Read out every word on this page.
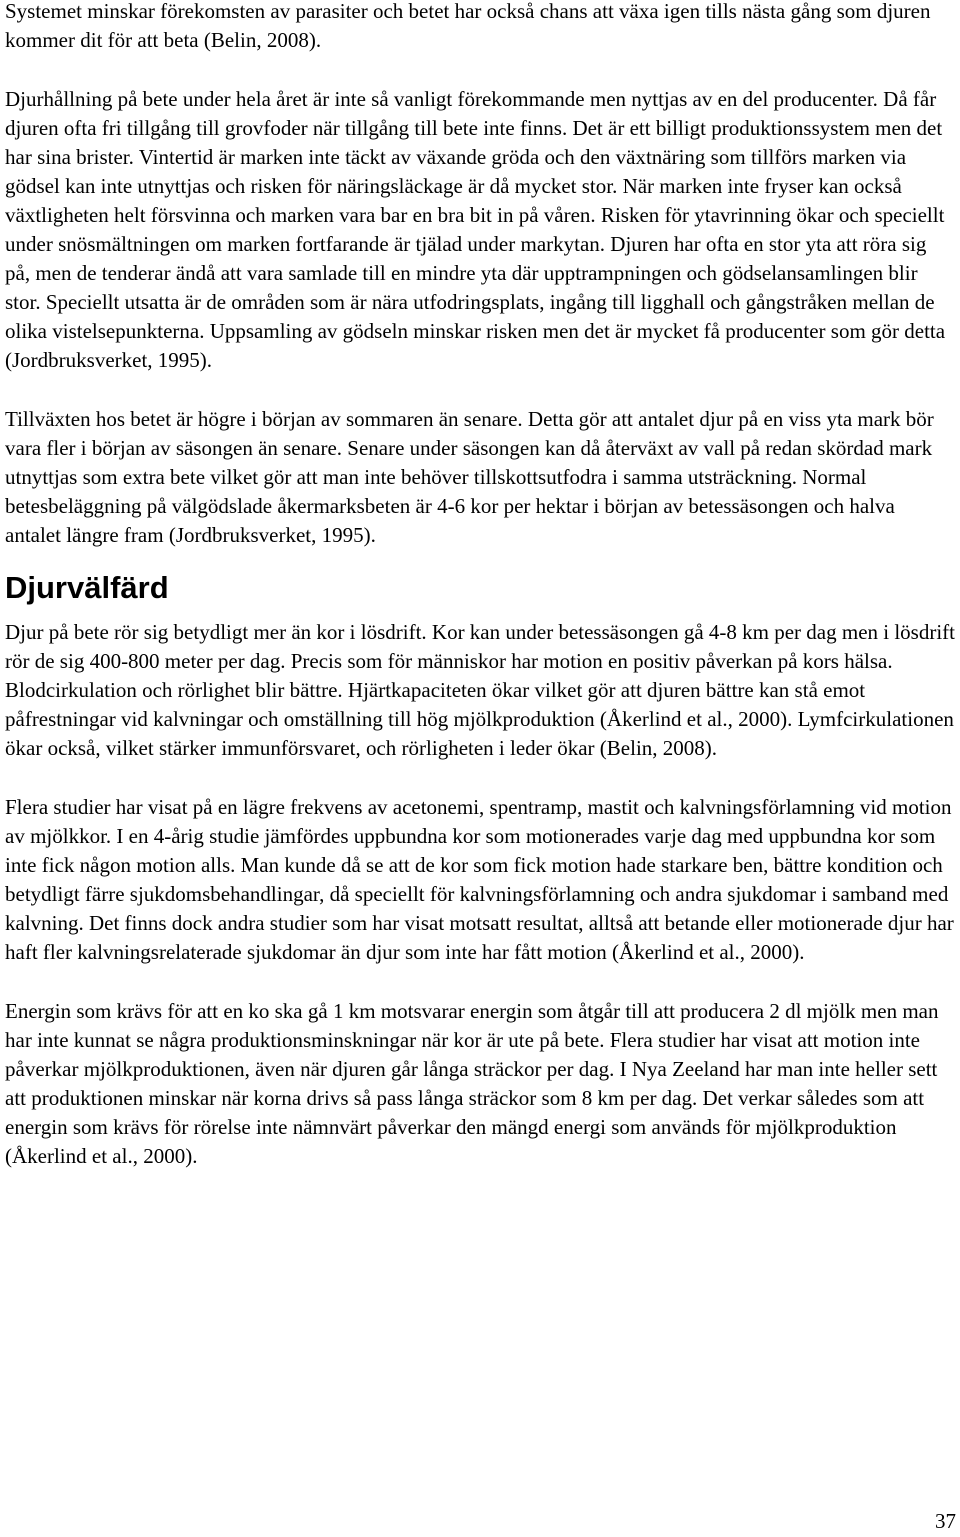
Systemet minskar förekomsten av parasiter och betet har också chans att växa igen tills nästa gång som djuren kommer dit för att beta (Belin, 2008).

Djurhållning på bete under hela året är inte så vanligt förekommande men nyttjas av en del producenter. Då får djuren ofta fri tillgång till grovfoder när tillgång till bete inte finns. Det är ett billigt produktionssystem men det har sina brister. Vintertid är marken inte täckt av växande gröda och den växtnäring som tillförs marken via gödsel kan inte utnyttjas och risken för näringsläckage är då mycket stor. När marken inte fryser kan också växtligheten helt försvinna och marken vara bar en bra bit in på våren. Risken för ytavrinning ökar och speciellt under snösmältningen om marken fortfarande är tjälad under markytan. Djuren har ofta en stor yta att röra sig på, men de tenderar ändå att vara samlade till en mindre yta där upptrampningen och gödselansamlingen blir stor. Speciellt utsatta är de områden som är nära utfodringsplats, ingång till ligghall och gångstråken mellan de olika vistelsepunkterna. Uppsamling av gödseln minskar risken men det är mycket få producenter som gör detta (Jordbruksverket, 1995).

Tillväxten hos betet är högre i början av sommaren än senare. Detta gör att antalet djur på en viss yta mark bör vara fler i början av säsongen än senare. Senare under säsongen kan då återväxt av vall på redan skördad mark utnyttjas som extra bete vilket gör att man inte behöver tillskottsutfodra i samma utsträckning. Normal betesbeläggning på välgödslade åkermarksbeten är 4-6 kor per hektar i början av betessäsongen och halva antalet längre fram (Jordbruksverket, 1995).

Djurvälfärd

Djur på bete rör sig betydligt mer än kor i lösdrift. Kor kan under betessäsongen gå 4-8 km per dag men i lösdrift rör de sig 400-800 meter per dag. Precis som för människor har motion en positiv påverkan på kors hälsa. Blodcirkulation och rörlighet blir bättre. Hjärtkapaciteten ökar vilket gör att djuren bättre kan stå emot påfrestningar vid kalvningar och omställning till hög mjölkproduktion (Åkerlind et al., 2000). Lymfcirkulationen ökar också, vilket stärker immunförsvaret, och rörligheten i leder ökar (Belin, 2008).

Flera studier har visat på en lägre frekvens av acetonemi, spentramp, mastit och kalvningsförlamning vid motion av mjölkkor. I en 4-årig studie jämfördes uppbundna kor som motionerades varje dag med uppbundna kor som inte fick någon motion alls. Man kunde då se att de kor som fick motion hade starkare ben, bättre kondition och betydligt färre sjukdomsbehandlingar, då speciellt för kalvningsförlamning och andra sjukdomar i samband med kalvning. Det finns dock andra studier som har visat motsatt resultat, alltså att betande eller motionerade djur har haft fler kalvningsrelaterade sjukdomar än djur som inte har fått motion (Åkerlind et al., 2000).

Energin som krävs för att en ko ska gå 1 km motsvarar energin som åtgår till att producera 2 dl mjölk men man har inte kunnat se några produktionsminskningar när kor är ute på bete. Flera studier har visat att motion inte påverkar mjölkproduktionen, även när djuren går långa sträckor per dag. I Nya Zeeland har man inte heller sett att produktionen minskar när korna drivs så pass långa sträckor som 8 km per dag. Det verkar således som att energin som krävs för rörelse inte nämnvärt påverkar den mängd energi som används för mjölkproduktion (Åkerlind et al., 2000).

37
